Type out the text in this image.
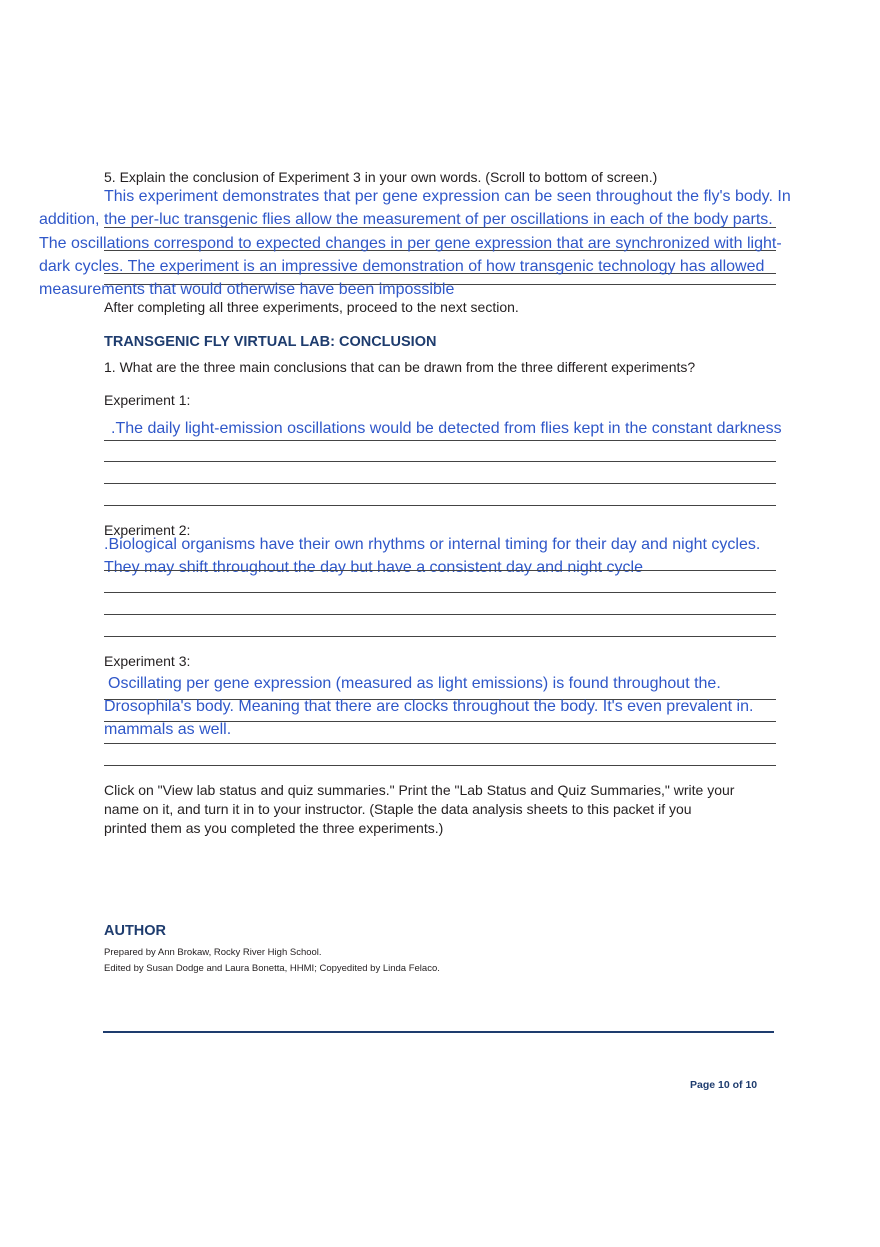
5. Explain the conclusion of Experiment 3 in your own words. (Scroll to bottom of screen.)
This experiment demonstrates that per gene expression can be seen throughout the fly's body. In
addition, the per-luc transgenic flies allow the measurement of per oscillations in each of the body parts.
The oscillations correspond to expected changes in per gene expression that are synchronized with light-
dark cycles. The experiment is an impressive demonstration of how transgenic technology has allowed
measurements that would otherwise have been impossible
After completing all three experiments, proceed to the next section.
TRANSGENIC FLY VIRTUAL LAB: CONCLUSION
1. What are the three main conclusions that can be drawn from the three different experiments?
Experiment 1:
.The daily light-emission oscillations would be detected from flies kept in the constant darkness
Experiment 2:
.Biological organisms have their own rhythms or internal timing for their day and night cycles.
They may shift throughout the day but have a consistent day and night cycle
Experiment 3:
Oscillating per gene expression (measured as light emissions) is found throughout the.
Drosophila's body. Meaning that there are clocks throughout the body. It's even prevalent in.
mammals as well.
Click on "View lab status and quiz summaries." Print the "Lab Status and Quiz Summaries," write your
name on it, and turn it in to your instructor. (Staple the data analysis sheets to this packet if you
printed them as you completed the three experiments.)
AUTHOR
Prepared by Ann Brokaw, Rocky River High School.
Edited by Susan Dodge and Laura Bonetta, HHMI; Copyedited by Linda Felaco.
Page 10 of 10
